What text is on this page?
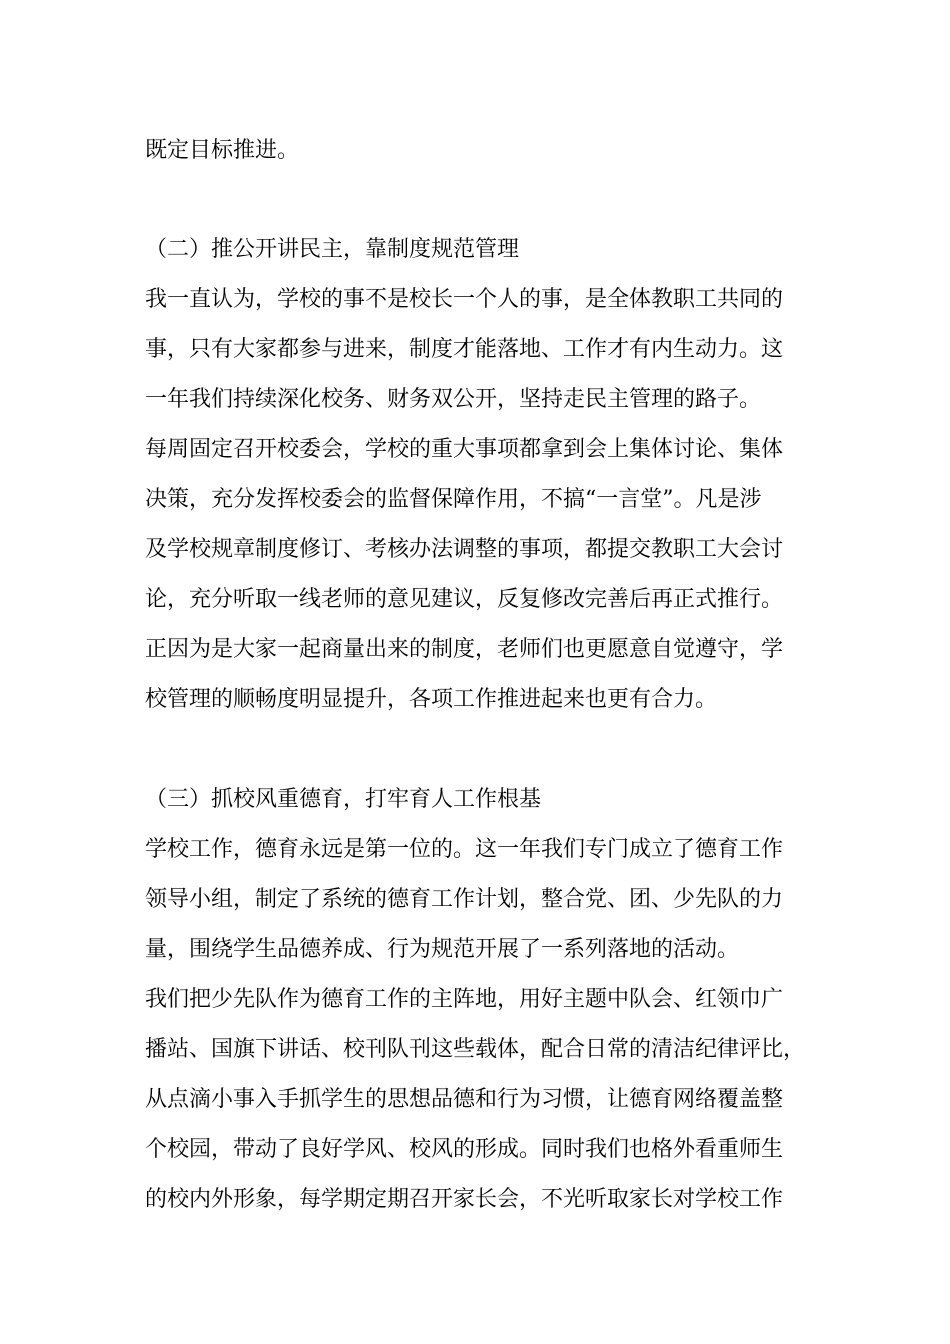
既定目标推进。
（二）推公开讲民主，靠制度规范管理
我一直认为，学校的事不是校长一个人的事，是全体教职工共同的
事，只有大家都参与进来，制度才能落地、工作才有内生动力。这
一年我们持续深化校务、财务双公开，坚持走民主管理的路子。
每周固定召开校委会，学校的重大事项都拿到会上集体讨论、集体
决策，充分发挥校委会的监督保障作用，不搞“一言堂”。凡是涉
及学校规章制度修订、考核办法调整的事项，都提交教职工大会讨
论，充分听取一线老师的意见建议，反复修改完善后再正式推行。
正因为是大家一起商量出来的制度，老师们也更愿意自觉遵守，学
校管理的顺畅度明显提升，各项工作推进起来也更有合力。
（三）抓校风重德育，打牢育人工作根基
学校工作，德育永远是第一位的。这一年我们专门成立了德育工作
领导小组，制定了系统的德育工作计划，整合党、团、少先队的力
量，围绕学生品德养成、行为规范开展了一系列落地的活动。
我们把少先队作为德育工作的主阵地，用好主题中队会、红领巾广
播站、国旗下讲话、校刊队刊这些载体，配合日常的清洁纪律评比，
从点滴小事入手抓学生的思想品德和行为习惯，让德育网络覆盖整
个校园，带动了良好学风、校风的形成。同时我们也格外看重师生
的校内外形象，每学期定期召开家长会，不光听取家长对学校工作
